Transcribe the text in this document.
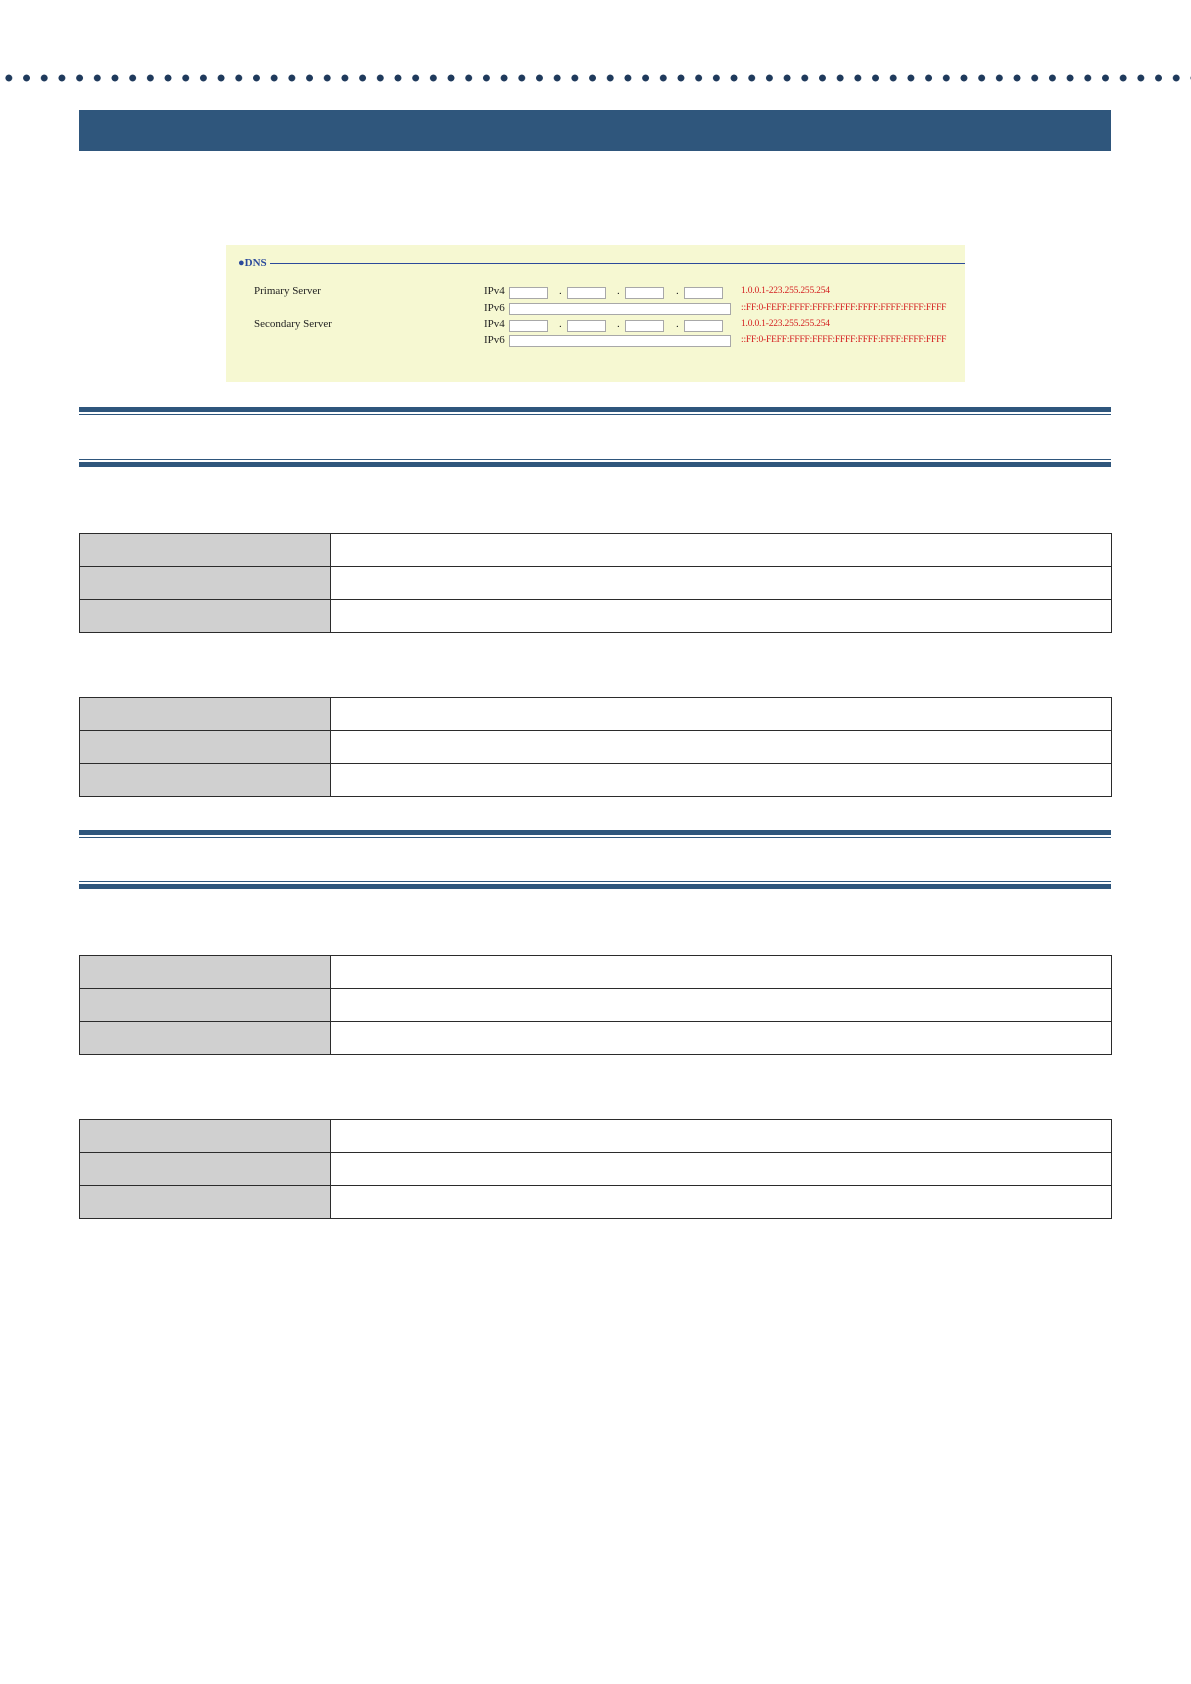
●DNS
Primary Server	IPv4	.	.	.	1.0.0.1-223.255.255.254
IPv6	::FF:0-FEFF:FFFF:FFFF:FFFF:FFFF:FFFF:FFFF:FFFF
Secondary Server	IPv4	.	.	.	1.0.0.1-223.255.255.254
IPv6	::FF:0-FEFF:FFFF:FFFF:FFFF:FFFF:FFFF:FFFF:FFFF
